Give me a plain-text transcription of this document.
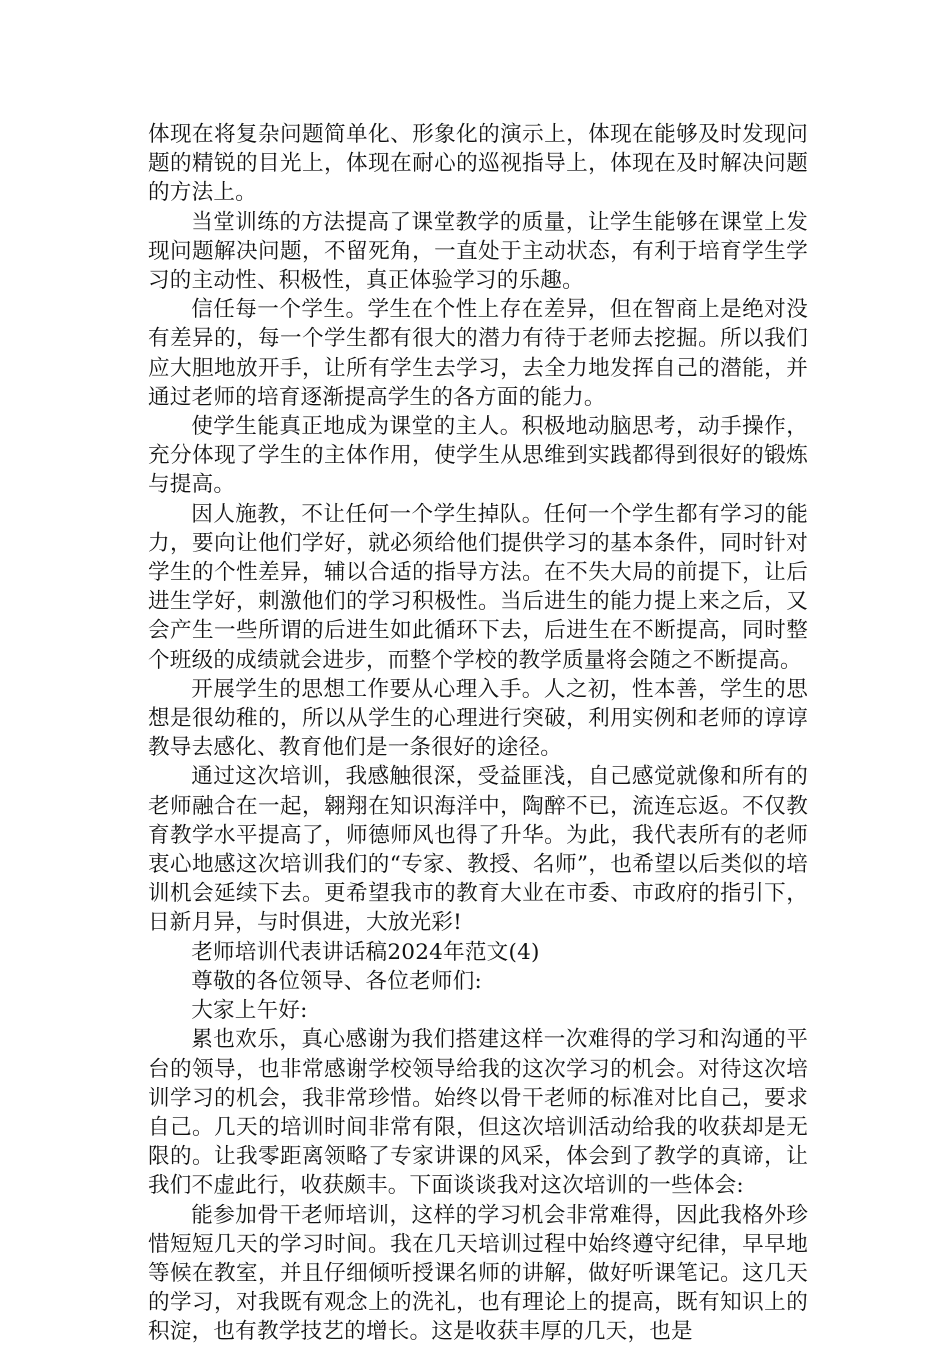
体现在将复杂问题简单化、形象化的演示上，体现在能够及时发现问题的精锐的目光上，体现在耐心的巡视指导上，体现在及时解决问题的方法上。

当堂训练的方法提高了课堂教学的质量，让学生能够在课堂上发现问题解决问题，不留死角，一直处于主动状态，有利于培育学生学习的主动性、积极性，真正体验学习的乐趣。

信任每一个学生。学生在个性上存在差异，但在智商上是绝对没有差异的，每一个学生都有很大的潜力有待于老师去挖掘。所以我们应大胆地放开手，让所有学生去学习，去全力地发挥自己的潜能，并通过老师的培育逐渐提高学生的各方面的能力。

使学生能真正地成为课堂的主人。积极地动脑思考，动手操作，充分体现了学生的主体作用，使学生从思维到实践都得到很好的锻炼与提高。

因人施教，不让任何一个学生掉队。任何一个学生都有学习的能力，要向让他们学好，就必须给他们提供学习的基本条件，同时针对学生的个性差异，辅以合适的指导方法。在不失大局的前提下，让后进生学好，刺激他们的学习积极性。当后进生的能力提上来之后，又会产生一些所谓的后进生如此循环下去，后进生在不断提高，同时整个班级的成绩就会进步，而整个学校的教学质量将会随之不断提高。

开展学生的思想工作要从心理入手。人之初，性本善，学生的思想是很幼稚的，所以从学生的心理进行突破，利用实例和老师的谆谆教导去感化、教育他们是一条很好的途径。

通过这次培训，我感触很深，受益匪浅，自己感觉就像和所有的老师融合在一起，翱翔在知识海洋中，陶醉不已，流连忘返。不仅教育教学水平提高了，师德师风也得了升华。为此，我代表所有的老师衷心地感这次培训我们的“专家、教授、名师”，也希望以后类似的培训机会延续下去。更希望我市的教育大业在市委、市政府的指引下，日新月异，与时俱进，大放光彩!

老师培训代表讲话稿2024年范文(4)

尊敬的各位领导、各位老师们:

大家上午好:

累也欢乐，真心感谢为我们搭建这样一次难得的学习和沟通的平台的领导，也非常感谢学校领导给我的这次学习的机会。对待这次培训学习的机会，我非常珍惜。始终以骨干老师的标准对比自己，要求自己。几天的培训时间非常有限，但这次培训活动给我的收获却是无限的。让我零距离领略了专家讲课的风采，体会到了教学的真谛，让我们不虚此行，收获颇丰。下面谈谈我对这次培训的一些体会:

能参加骨干老师培训，这样的学习机会非常难得，因此我格外珍惜短短几天的学习时间。我在几天培训过程中始终遵守纪律，早早地等候在教室，并且仔细倾听授课名师的讲解，做好听课笔记。这几天的学习，对我既有观念上的洗礼，也有理论上的提高，既有知识上的积淀，也有教学技艺的增长。这是收获丰厚的几天，也是
